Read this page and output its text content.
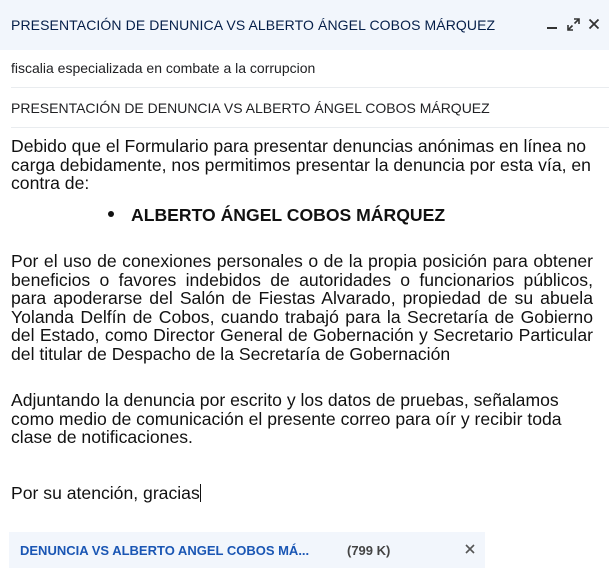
PRESENTACIÓN DE DENUNICA VS ALBERTO ÁNGEL COBOS MÁRQUEZ
fiscalia especializada en combate a la corrupcion
PRESENTACIÓN DE DENUNCIA VS ALBERTO ÁNGEL COBOS MÁRQUEZ

Debido que el Formulario para presentar denuncias anónimas en línea no carga debidamente, nos permitimos presentar la denuncia por esta vía, en contra de:

ALBERTO ÁNGEL COBOS MÁRQUEZ

Por el uso de conexiones personales o de la propia posición para obtener beneficios o favores indebidos de autoridades o funcionarios públicos, para apoderarse del Salón de Fiestas Alvarado, propiedad de su abuela Yolanda Delfín de Cobos, cuando trabajó para la Secretaría de Gobierno del Estado, como Director General de Gobernación y Secretario Particular del titular de Despacho de la Secretaría de Gobernación

Adjuntando la denuncia por escrito y los datos de pruebas, señalamos como medio de comunicación el presente correo para oír y recibir toda clase de notificaciones.

Por su atención, gracias

DENUNCIA VS ALBERTO ANGEL COBOS MÁ...	(799 K)
